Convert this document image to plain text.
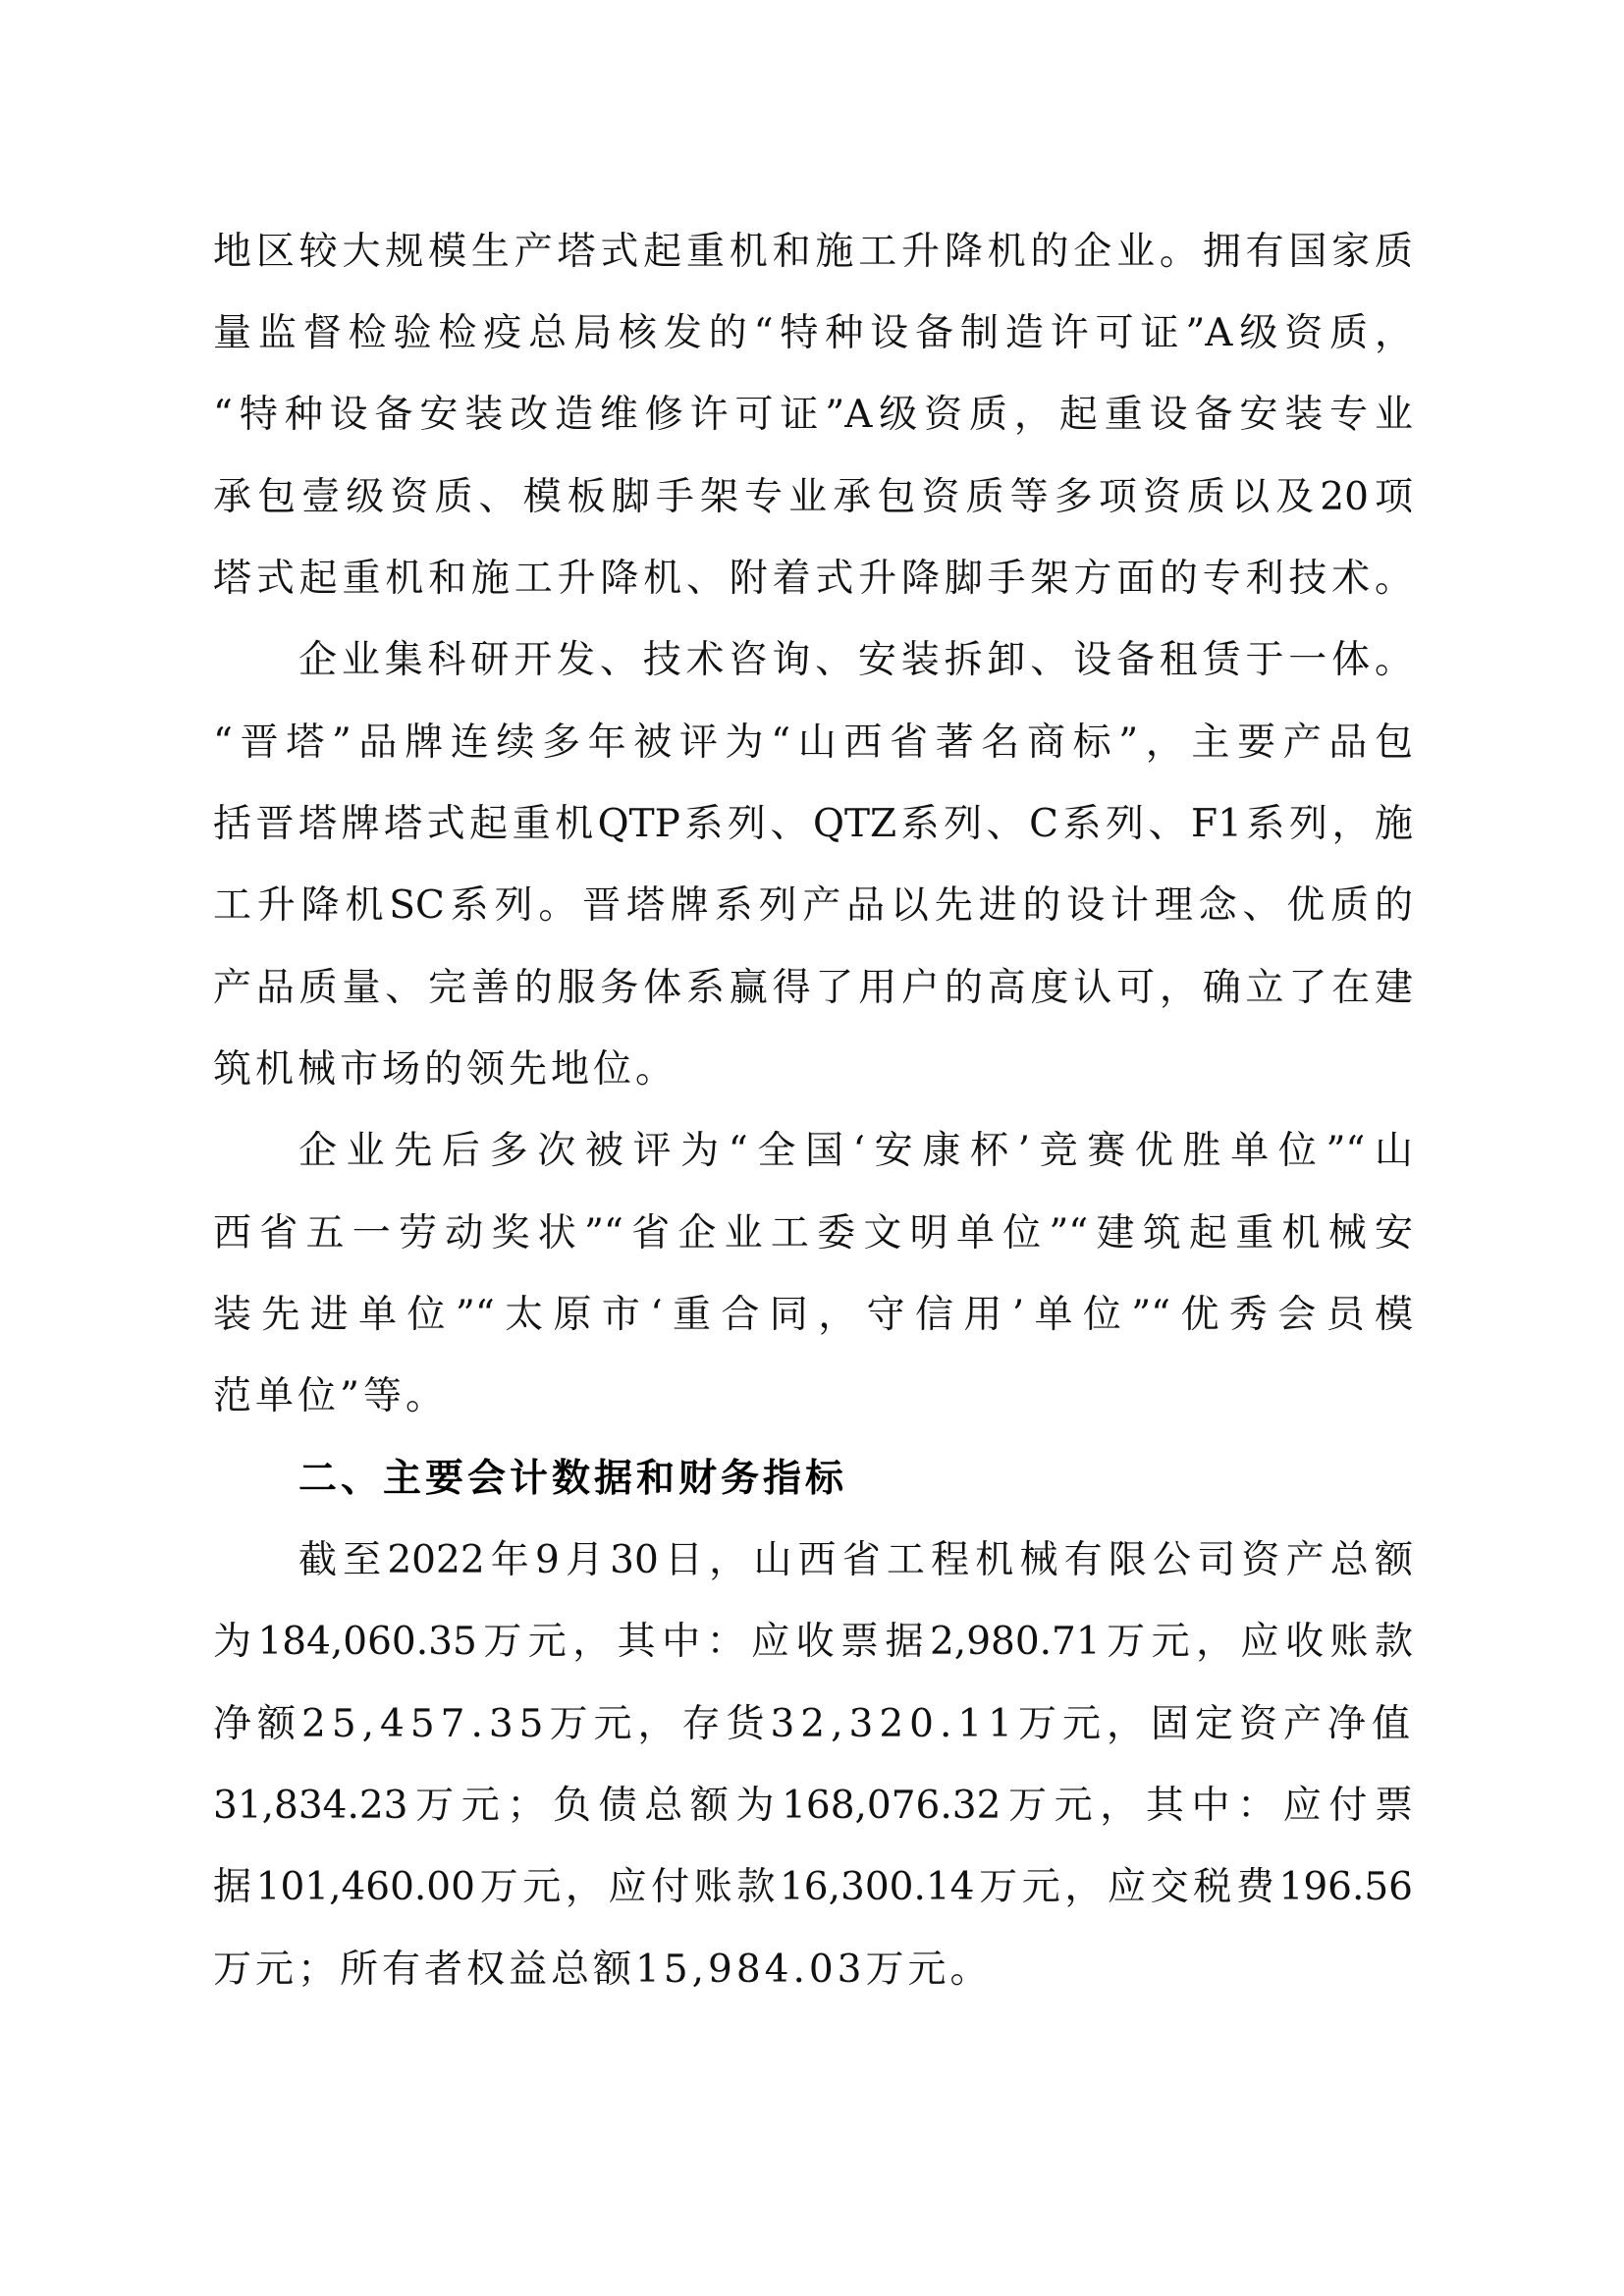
地区较大规模生产塔式起重机和施工升降机的企业。拥有国家质
量监督检验检疫总局核发的“特种设备制造许可证”A级资质，
“特种设备安装改造维修许可证”A级资质，起重设备安装专业
承包壹级资质、模板脚手架专业承包资质等多项资质以及20项
塔式起重机和施工升降机、附着式升降脚手架方面的专利技术。
企业集科研开发、技术咨询、安装拆卸、设备租赁于一体。
“晋塔”品牌连续多年被评为“山西省著名商标”，主要产品包
括晋塔牌塔式起重机QTP系列、QTZ系列、C系列、F1系列，施
工升降机SC系列。晋塔牌系列产品以先进的设计理念、优质的
产品质量、完善的服务体系赢得了用户的高度认可，确立了在建
筑机械市场的领先地位。
企业先后多次被评为“全国‘安康杯’竞赛优胜单位”“山
西省五一劳动奖状”“省企业工委文明单位”“建筑起重机械安
装先进单位”“太原市‘重合同，守信用’单位”“优秀会员模
范单位”等。
二、主要会计数据和财务指标
截至2022年9月30日，山西省工程机械有限公司资产总额
为184,060.35万元，其中：应收票据2,980.71万元，应收账款
净额25,457.35万元，存货32,320.11万元，固定资产净值
31,834.23万元；负债总额为168,076.32万元，其中：应付票
据101,460.00万元，应付账款16,300.14万元，应交税费196.56
万元；所有者权益总额15,984.03万元。
